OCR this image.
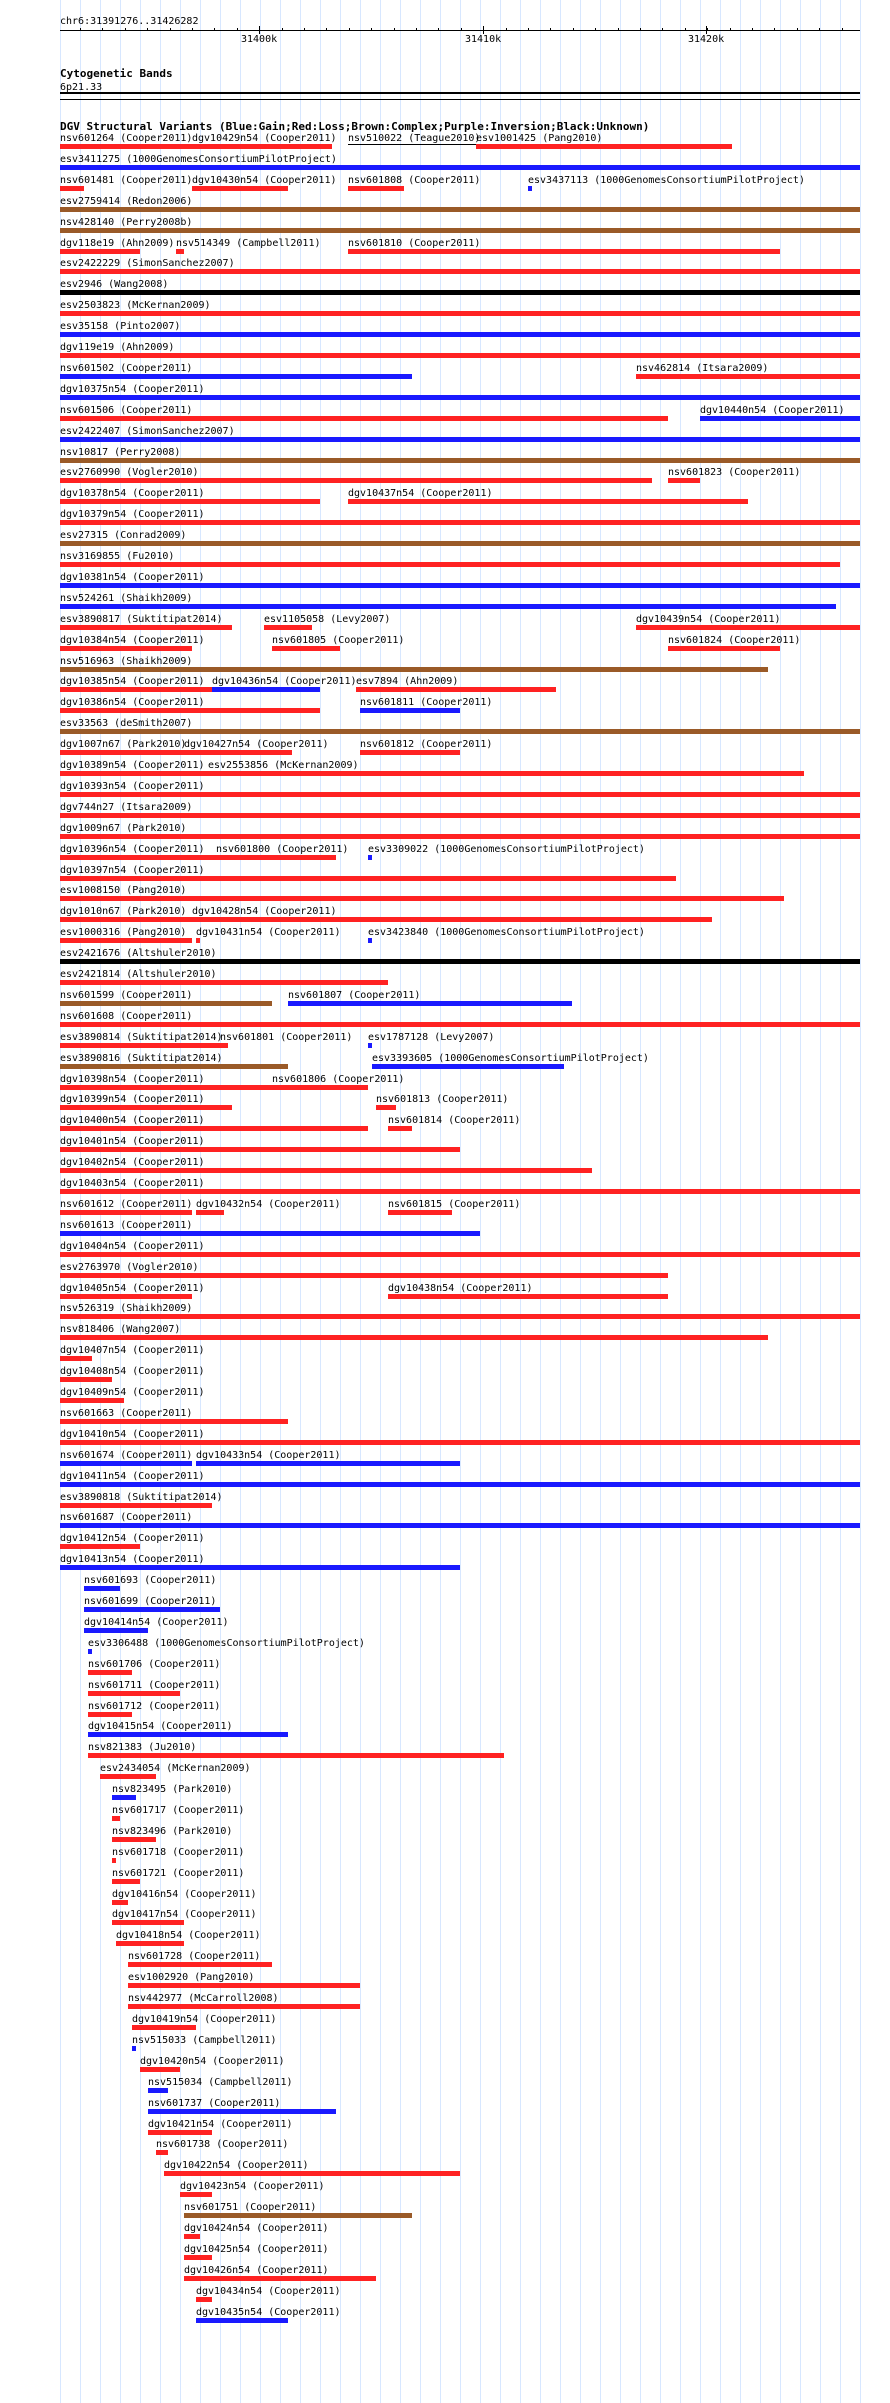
chr6:31391276..31426282
31400k	31410k	31420k
Cytogenetic Bands
6p21.33
DGV Structural Variants (Blue:Gain;Red:Loss;Brown:Complex;Purple:Inversion;Black:Unknown)
nsv601264 (Cooper2011) dgv10429n54 (Cooper2011) nsv510022 (Teague2010)
esv1001425 (Pang2010)
esv3411275 (1000GenomesConsortiumPilotProject)
nsv601481 (Cooper2011) dgv10430n54 (Cooper2011) nsv601808 (Cooper2011)	esv3437113 (1000GenomesConsortiumPilotProject)
esv2759414 (Redon2006)
nsv428140 (Perry2008b)
dgv118e19 (Ahn2009) nsv514349 (Campbell2011)	nsv601810 (Cooper2011)
esv2422229 (SimonSanchez2007)
esv2946 (Wang2008)
esv2503823 (McKernan2009)
esv35158 (Pinto2007)
dgv119e19 (Ahn2009)
nsv601502 (Cooper2011)	nsv462814 (Itsara2009)
dgv10375n54 (Cooper2011)
nsv601506 (Cooper2011)	dgv10440n54 (Cooper2011)
esv2422407 (SimonSanchez2007)
nsv10817 (Perry2008)
esv2760990 (Vogler2010)	nsv601823 (Cooper2011)
dgv10378n54 (Cooper2011)	dgv10437n54 (Cooper2011)
dgv10379n54 (Cooper2011)
esv27315 (Conrad2009)
nsv3169855 (Fu2010)
dgv10381n54 (Cooper2011)
nsv524261 (Shaikh2009)
esv3890817 (Suktitipat2014)	esv1105058 (Levy2007)	dgv10439n54 (Cooper2011)
dgv10384n54 (Cooper2011)	nsv601805 (Cooper2011)	nsv601824 (Cooper2011)
nsv516963 (Shaikh2009)
dgv10385n54 (Cooper2011) dgv10436n54 (Cooper2011) esv7894 (Ahn2009)
dgv10386n54 (Cooper2011)	nsv601811 (Cooper2011)
esv33563 (deSmith2007)
dgv1007n67 (Park2010)
dgv10427n54 (Cooper2011)	nsv601812 (Cooper2011)
dgv10389n54 (Cooper2011) esv2553856 (McKernan2009)
dgv10393n54 (Cooper2011)
dgv744n27 (Itsara2009)
dgv1009n67 (Park2010)
dgv10396n54 (Cooper2011) nsv601800 (Cooper2011) esv3309022 (1000GenomesConsortiumPilotProject)
dgv10397n54 (Cooper2011)
esv1008150 (Pang2010)
dgv1010n67 (Park2010) dgv10428n54 (Cooper2011)
esv1000316 (Pang2010) dgv10431n54 (Cooper2011)	esv3423840 (1000GenomesConsortiumPilotProject)
esv2421676 (Altshuler2010)
esv2421814 (Altshuler2010)
nsv601599 (Cooper2011)	nsv601807 (Cooper2011)
nsv601608 (Cooper2011)
esv3890814 (Suktitipat2014)
nsv601801 (Cooper2011) esv1787128 (Levy2007)
esv3890816 (Suktitipat2014)	esv3393605 (1000GenomesConsortiumPilotProject)
dgv10398n54 (Cooper2011)	nsv601806 (Cooper2011)
dgv10399n54 (Cooper2011)	nsv601813 (Cooper2011)
dgv10400n54 (Cooper2011)	nsv601814 (Cooper2011)
dgv10401n54 (Cooper2011)
dgv10402n54 (Cooper2011)
dgv10403n54 (Cooper2011)
nsv601612 (Cooper2011) dgv10432n54 (Cooper2011)	nsv601815 (Cooper2011)
nsv601613 (Cooper2011)
dgv10404n54 (Cooper2011)
esv2763970 (Vogler2010)
dgv10405n54 (Cooper2011)	dgv10438n54 (Cooper2011)
nsv526319 (Shaikh2009)
nsv818406 (Wang2007)
dgv10407n54 (Cooper2011)
dgv10408n54 (Cooper2011)
dgv10409n54 (Cooper2011)
nsv601663 (Cooper2011)
dgv10410n54 (Cooper2011)
nsv601674 (Cooper2011) dgv10433n54 (Cooper2011)
dgv10411n54 (Cooper2011)
esv3890818 (Suktitipat2014)
nsv601687 (Cooper2011)
dgv10412n54 (Cooper2011)
dgv10413n54 (Cooper2011)
nsv601693 (Cooper2011)
nsv601699 (Cooper2011)
dgv10414n54 (Cooper2011)
esv3306488 (1000GenomesConsortiumPilotProject)
nsv601706 (Cooper2011)
nsv601711 (Cooper2011)
nsv601712 (Cooper2011)
dgv10415n54 (Cooper2011)
nsv821383 (Ju2010)
esv2434054 (McKernan2009)
nsv823495 (Park2010)
nsv601717 (Cooper2011)
nsv823496 (Park2010)
nsv601718 (Cooper2011)
nsv601721 (Cooper2011)
dgv10416n54 (Cooper2011)
dgv10417n54 (Cooper2011)
dgv10418n54 (Cooper2011)
nsv601728 (Cooper2011)
esv1002920 (Pang2010)
nsv442977 (McCarroll2008)
dgv10419n54 (Cooper2011)
nsv515033 (Campbell2011)
dgv10420n54 (Cooper2011)
nsv515034 (Campbell2011)
nsv601737 (Cooper2011)
dgv10421n54 (Cooper2011)
nsv601738 (Cooper2011)
dgv10422n54 (Cooper2011)
dgv10423n54 (Cooper2011)
nsv601751 (Cooper2011)
dgv10424n54 (Cooper2011)
dgv10425n54 (Cooper2011)
dgv10426n54 (Cooper2011)
dgv10434n54 (Cooper2011)
dgv10435n54 (Cooper2011)
